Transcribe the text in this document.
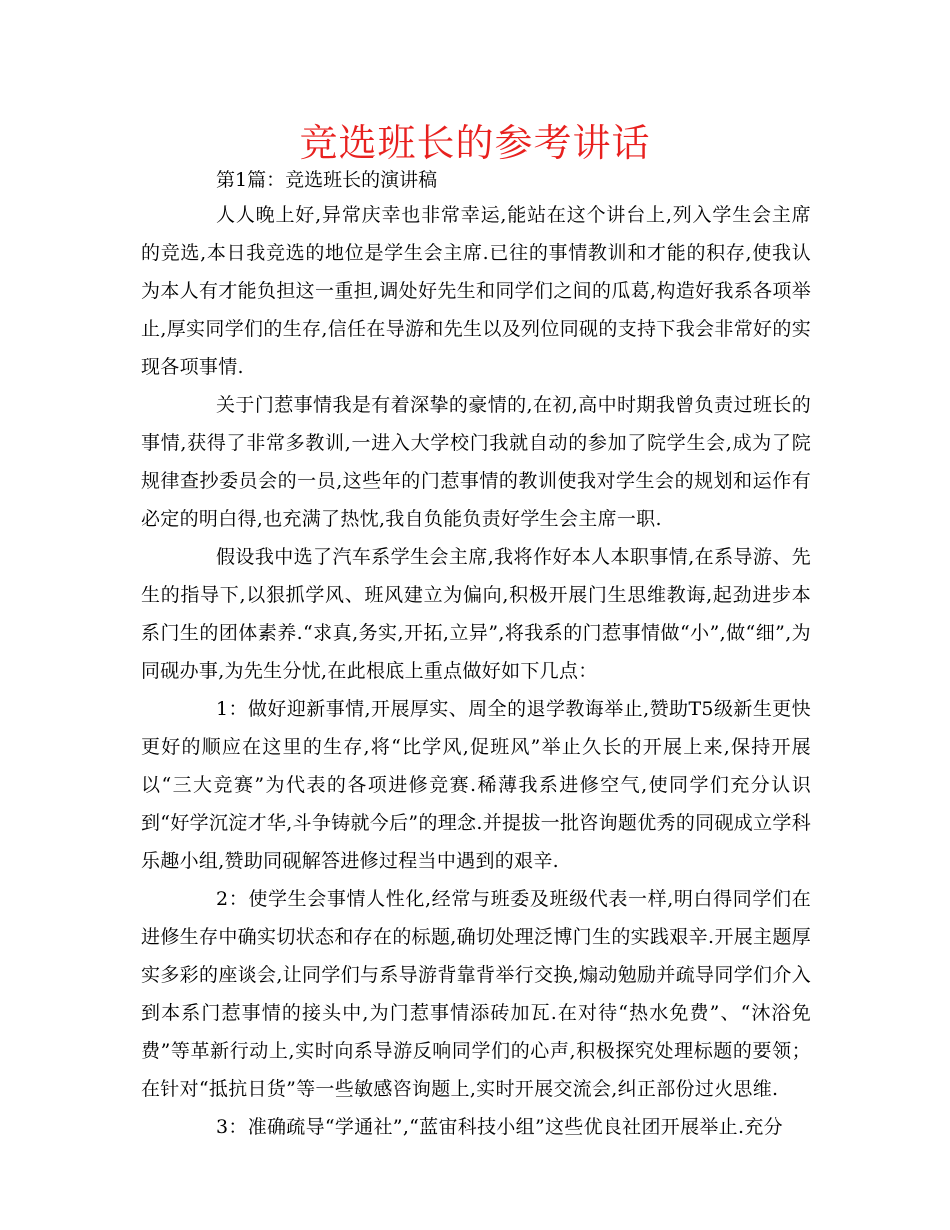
竞选班长的参考讲话

第1篇：竞选班长的演讲稿

人人晚上好,异常庆幸也非常幸运,能站在这个讲台上,列入学生会主席的竞选,本日我竞选的地位是学生会主席.已往的事情教训和才能的积存,使我认为本人有才能负担这一重担,调处好先生和同学们之间的瓜葛,构造好我系各项举止,厚实同学们的生存,信任在导游和先生以及列位同砚的支持下我会非常好的实现各项事情.

关于门惹事情我是有着深挚的豪情的,在初,高中时期我曾负责过班长的事情,获得了非常多教训,一进入大学校门我就自动的参加了院学生会,成为了院规律查抄委员会的一员,这些年的门惹事情的教训使我对学生会的规划和运作有必定的明白得,也充满了热忱,我自负能负责好学生会主席一职.

假设我中选了汽车系学生会主席,我将作好本人本职事情,在系导游、先生的指导下,以狠抓学风、班风建立为偏向,积极开展门生思维教诲,起劲进步本系门生的团体素养.“求真,务实,开拓,立异”,将我系的门惹事情做“小”,做“细”,为同砚办事,为先生分忧,在此根底上重点做好如下几点：

1：做好迎新事情,开展厚实、周全的退学教诲举止,赞助T5级新生更快更好的顺应在这里的生存,将“比学风,促班风”举止久长的开展上来,保持开展以“三大竞赛”为代表的各项进修竞赛.稀薄我系进修空气,使同学们充分认识到“好学沉淀才华,斗争铸就今后”的理念.并提拔一批咨询题优秀的同砚成立学科乐趣小组,赞助同砚解答进修过程当中遇到的艰辛.

2：使学生会事情人性化,经常与班委及班级代表一样,明白得同学们在进修生存中确实切状态和存在的标题,确切处理泛博门生的实践艰辛.开展主题厚实多彩的座谈会,让同学们与系导游背靠背举行交换,煽动勉励并疏导同学们介入到本系门惹事情的接头中,为门惹事情添砖加瓦.在对待“热水免费”、“沐浴免费”等革新行动上,实时向系导游反响同学们的心声,积极探究处理标题的要领；在针对“抵抗日货”等一些敏感咨询题上,实时开展交流会,纠正部份过火思维.

3：准确疏导“学通社”,“蓝宙科技小组”这些优良社团开展举止.充分
